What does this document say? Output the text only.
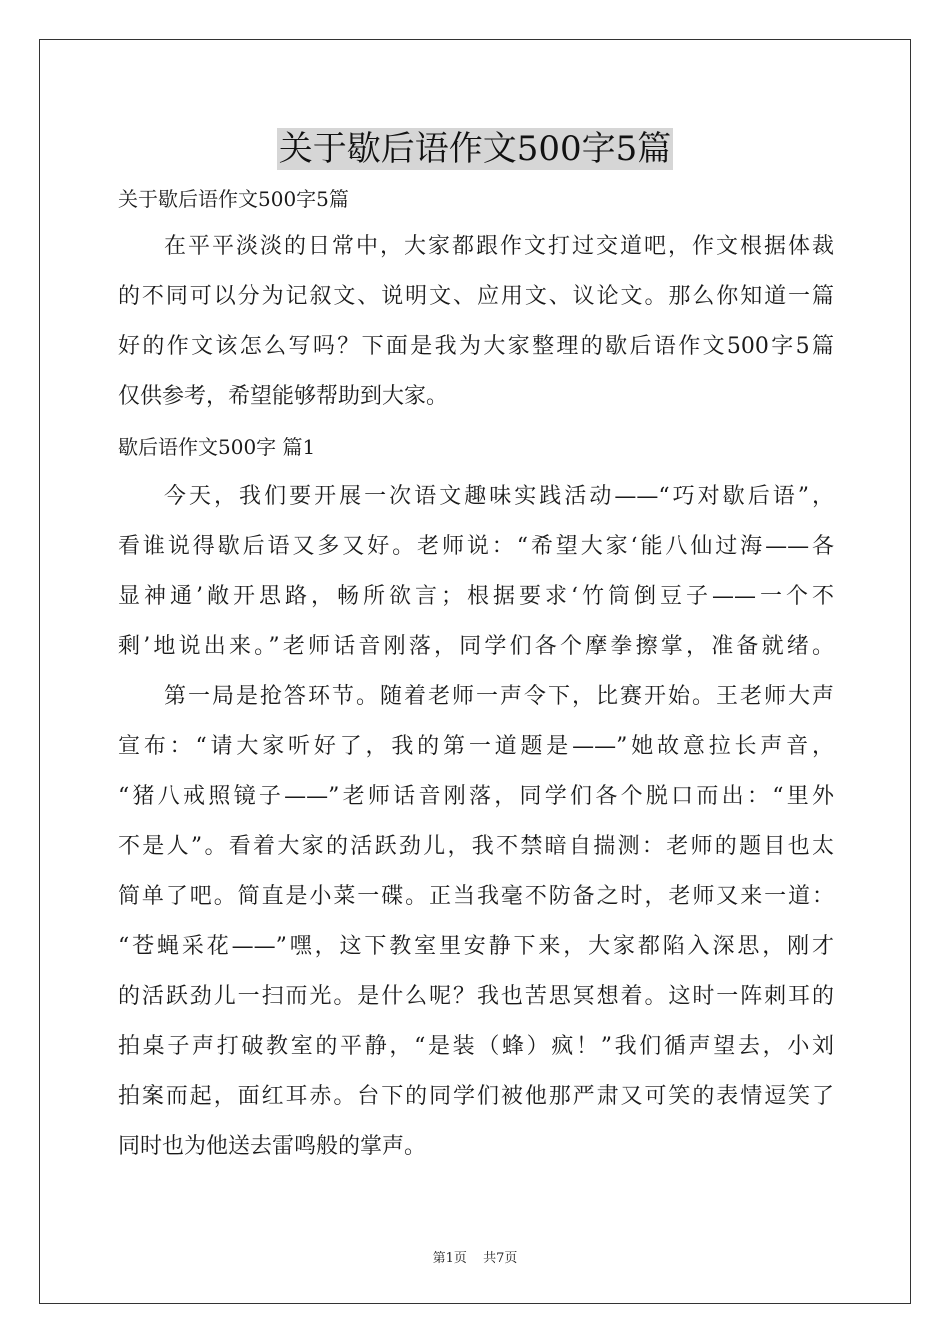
关于歇后语作文500字5篇
关于歇后语作文500字5篇
在平平淡淡的日常中，大家都跟作文打过交道吧，作文根据体裁
的不同可以分为记叙文、说明文、应用文、议论文。那么你知道一篇
好的作文该怎么写吗？下面是我为大家整理的歇后语作文500字5篇
仅供参考，希望能够帮助到大家。
歇后语作文500字 篇1
今天，我们要开展一次语文趣味实践活动——“巧对歇后语”，
看谁说得歇后语又多又好。老师说：“希望大家‘能八仙过海——各
显神通’敞开思路，畅所欲言；根据要求‘竹筒倒豆子——一个不
剩’地说出来。”老师话音刚落，同学们各个摩拳擦掌，准备就绪。
第一局是抢答环节。随着老师一声令下，比赛开始。王老师大声
宣布：“请大家听好了，我的第一道题是——”她故意拉长声音，
“猪八戒照镜子——”老师话音刚落，同学们各个脱口而出：“里外
不是人”。看着大家的活跃劲儿，我不禁暗自揣测：老师的题目也太
简单了吧。简直是小菜一碟。正当我毫不防备之时，老师又来一道：
“苍蝇采花——”嘿，这下教室里安静下来，大家都陷入深思，刚才
的活跃劲儿一扫而光。是什么呢？我也苦思冥想着。这时一阵刺耳的
拍桌子声打破教室的平静，“是装（蜂）疯！”我们循声望去，小刘
拍案而起，面红耳赤。台下的同学们被他那严肃又可笑的表情逗笑了
同时也为他送去雷鸣般的掌声。
第1页 共7页
